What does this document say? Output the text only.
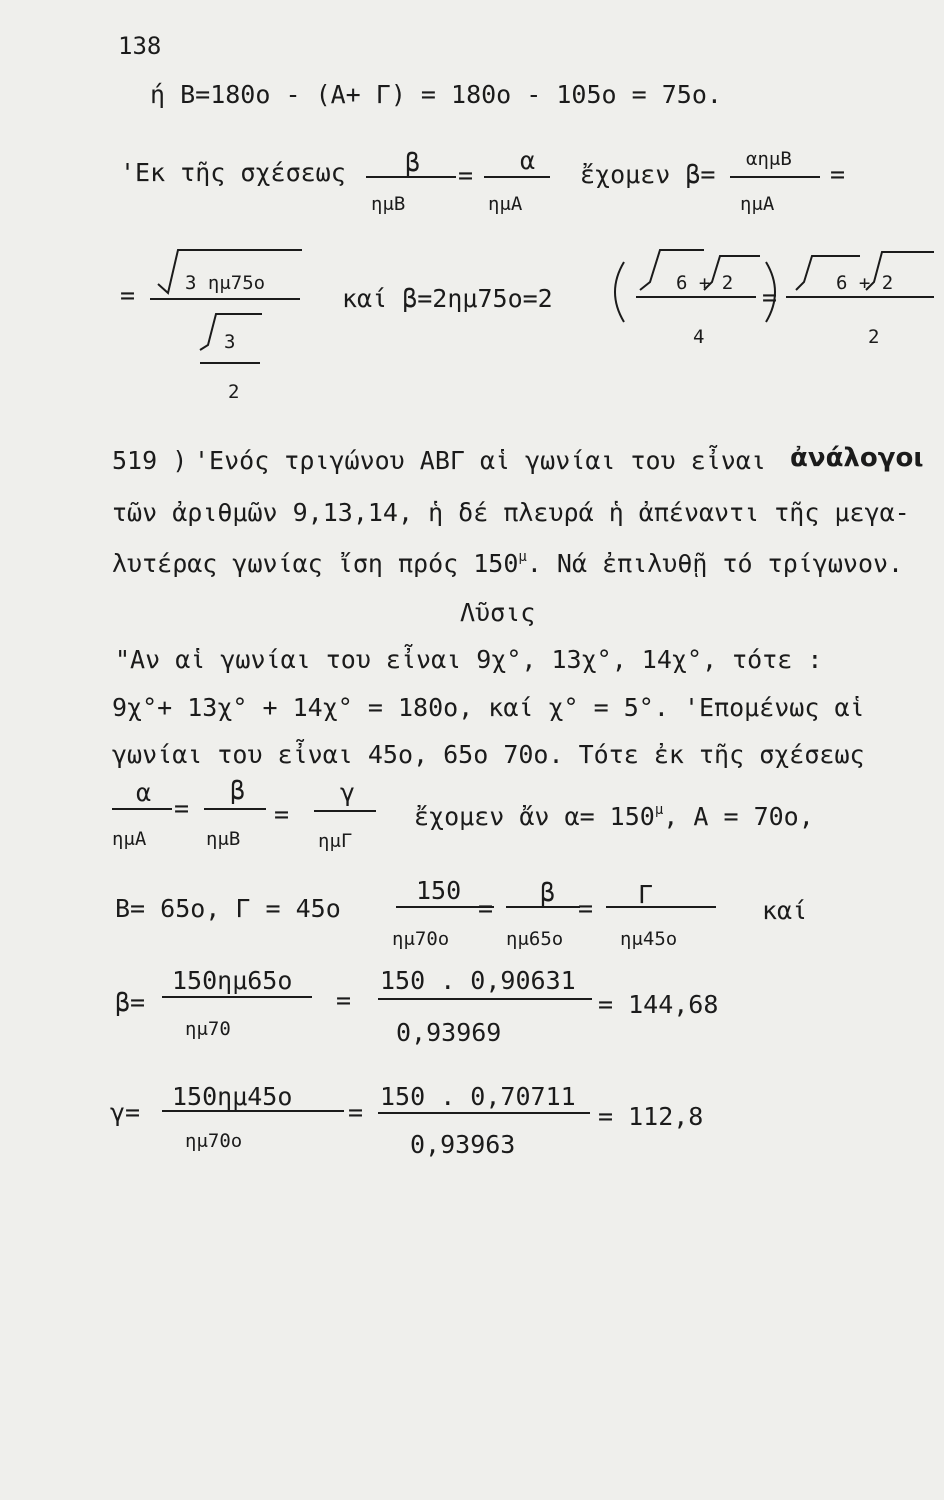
138
ή Β=180ο - (Α+ Γ) = 180ο - 105ο = 75ο.
'Εκ τῆς σχέσεως β
ημΒ
=
α
ημΑ
ἔχομεν β=
αημΒ
ημΑ
=
=	3 ημ75ο
3
2
καί β=2ημ75ο=2
6 + 2
4
=	6 + 2
2
519 ) 'Ενός τριγώνου ΑΒΓ αἱ γωνίαι του εἶναι ἀνάλογοι
τῶν ἀριθμῶν 9,13,14, ἡ δέ πλευρά ἡ ἀπέναντι τῆς μεγα-
λυτέρας γωνίας ἴση πρός $150^\mu$. Νά ἐπιλυθῇ τό τρίγωνον.
Λῦσις
"Αν αἱ γωνίαι του εἶναι 9χ°, 13χ°, 14χ°, τότε :
9χ°+ 13χ° + 14χ° = 180ο, καί χ° = 5°. 'Επομένως αἱ
γωνίαι του εἶναι 45ο, 65ο 70ο. Τότε ἐκ τῆς σχέσεως
α
ημΑ
=
β
ημΒ
=
γ
ημΓ
ἔχομεν ἄν $\alpha= 150^\mu$, Α = 70ο,
Β= 65ο, Γ = 45ο
150
ημ70ο
=
β
ημ65ο
= Γ
ημ45ο
καί
β=
150ημ65ο
ημ70
=
150 . 0,90631
0,93969
= 144,68
γ=
150ημ45ο
ημ70ο
=
150 . 0,70711
0,93963
= 112,8
